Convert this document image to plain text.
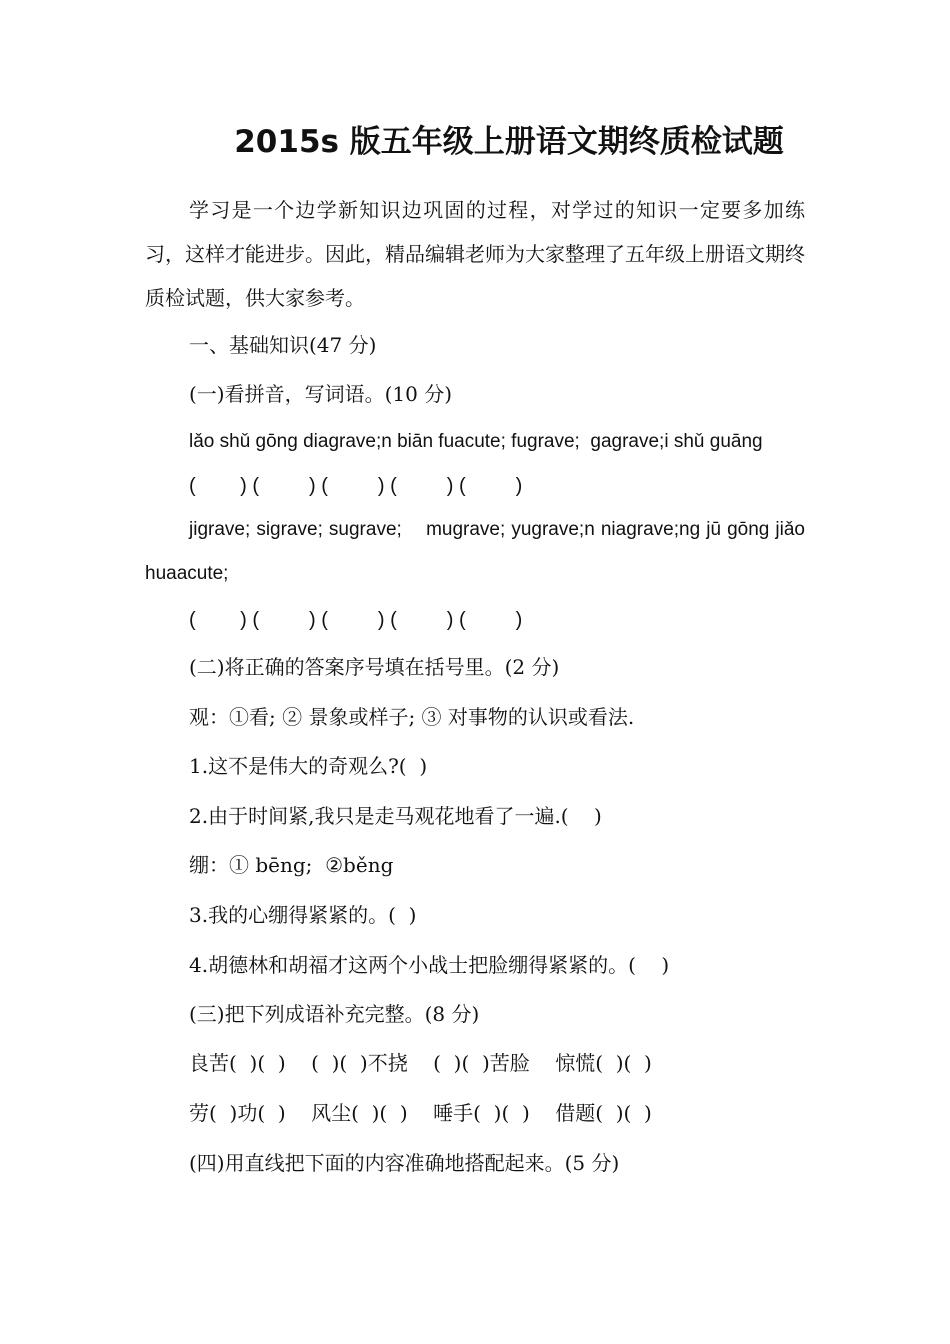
2015s 版五年级上册语文期终质检试题
学习是一个边学新知识边巩固的过程，对学过的知识一定要多加练习，这样才能进步。因此，精品编辑老师为大家整理了五年级上册语文期终质检试题，供大家参考。
一、基础知识(47 分)
(一)看拼音，写词语。(10 分)
lǎo shǔ gōng diagrave;n biān fuacute; fugrave;  gagrave;i shǔ guāng
(        ) (         ) (         ) (         ) (         )
jigrave; sigrave; sugrave;    mugrave; yugrave;n niagrave;ng jū gōng jiǎo huaacute;
(        ) (         ) (         ) (         ) (         )
(二)将正确的答案序号填在括号里。(2 分)
观：①看; ② 景象或样子; ③ 对事物的认识或看法.
1.这不是伟大的奇观么?(  )
2.由于时间紧,我只是走马观花地看了一遍.(    )
绷：① bēng;  ②běng
3.我的心绷得紧紧的。(  )
4.胡德林和胡福才这两个小战士把脸绷得紧紧的。(    )
(三)把下列成语补充完整。(8 分)
良苦(  )(  )    (  )(  )不挠    (  )(  )苦脸    惊慌(  )(  )
劳(  )功(  )    风尘(  )(  )    唾手(  )(  )    借题(  )(  )
(四)用直线把下面的内容准确地搭配起来。(5 分)
